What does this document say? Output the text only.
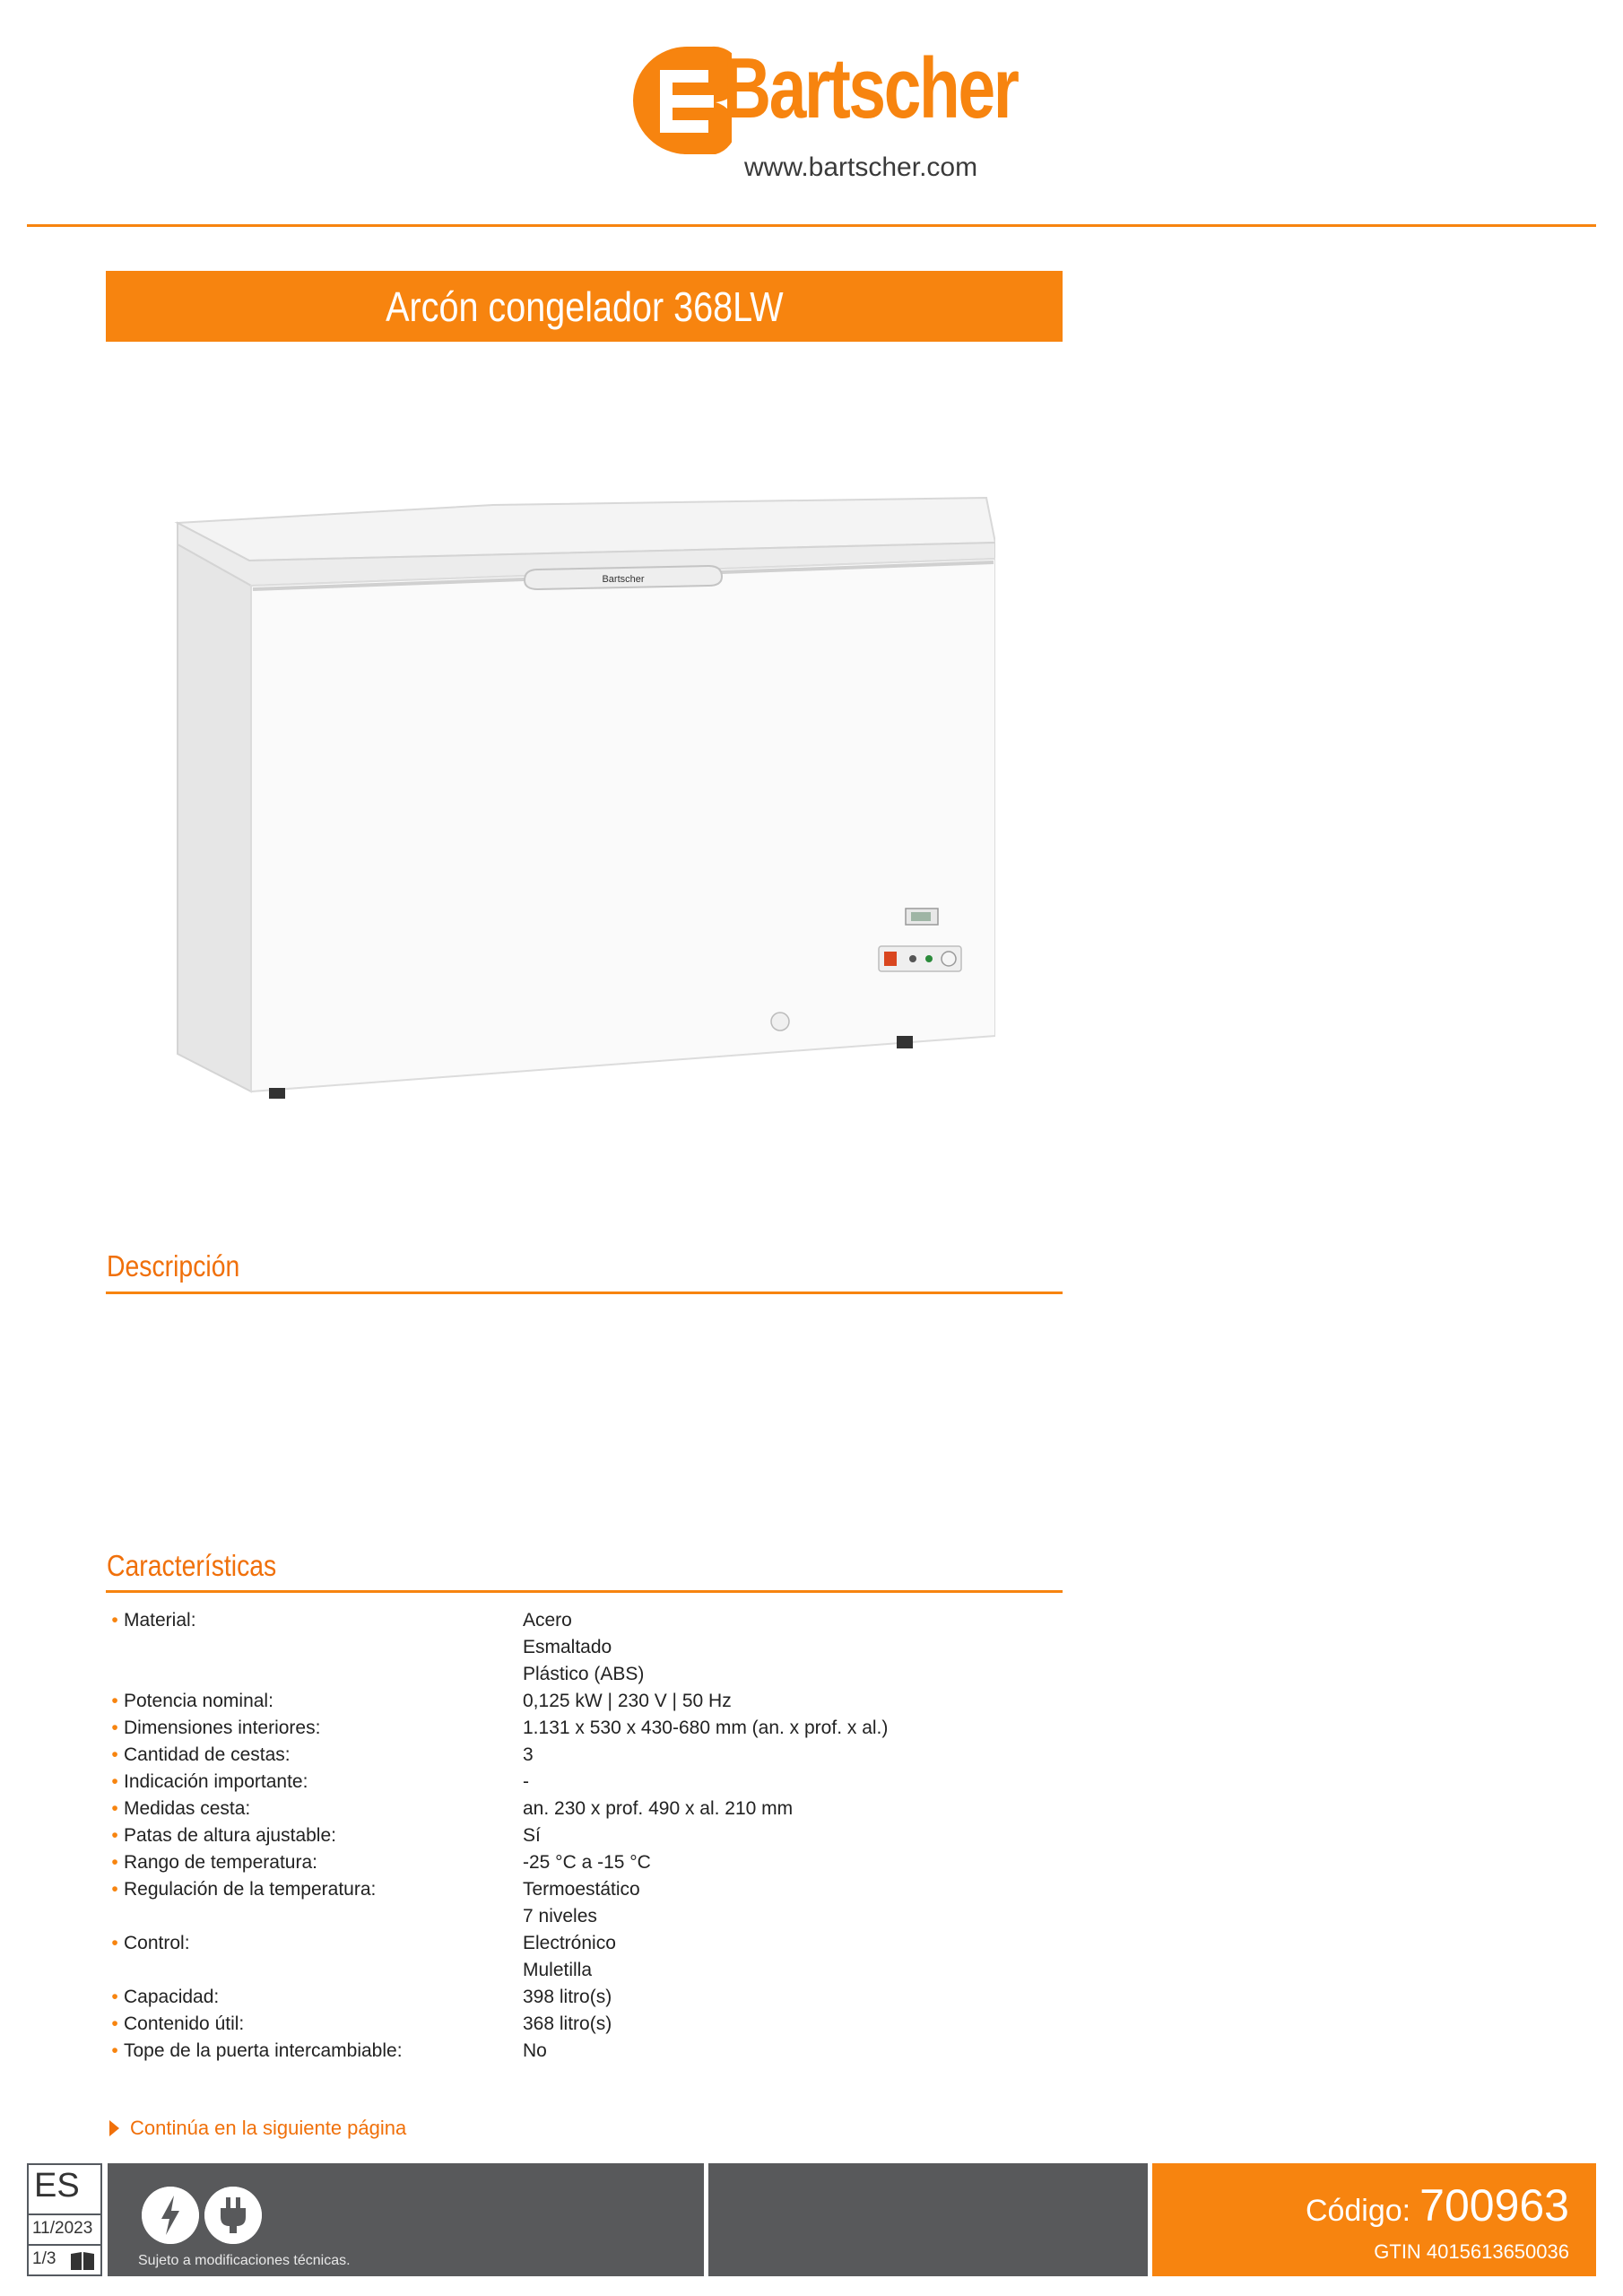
Bartscher
www.bartscher.com
Arcón congelador 368LW
Bartscher
Descripción
Características
• Material:	Acero
Esmaltado
Plástico (ABS)
• Potencia nominal:	0,125 kW | 230 V | 50 Hz
• Dimensiones interiores:	1.131 x 530 x 430-680 mm (an. x prof. x al.)
• Cantidad de cestas:	3
• Indicación importante:	-
• Medidas cesta:	an. 230 x prof. 490 x al. 210 mm
• Patas de altura ajustable:	Sí
• Rango de temperatura:	-25 °C a -15 °C
• Regulación de la temperatura:	Termoestático
7 niveles
• Control:	Electrónico
Muletilla
• Capacidad:	398 litro(s)
• Contenido útil:	368 litro(s)
• Tope de la puerta intercambiable:	No
Continúa en la siguiente página
ES
11/2023
1/3	Sujeto a modificaciones técnicas.
Código: 700963
GTIN 4015613650036
